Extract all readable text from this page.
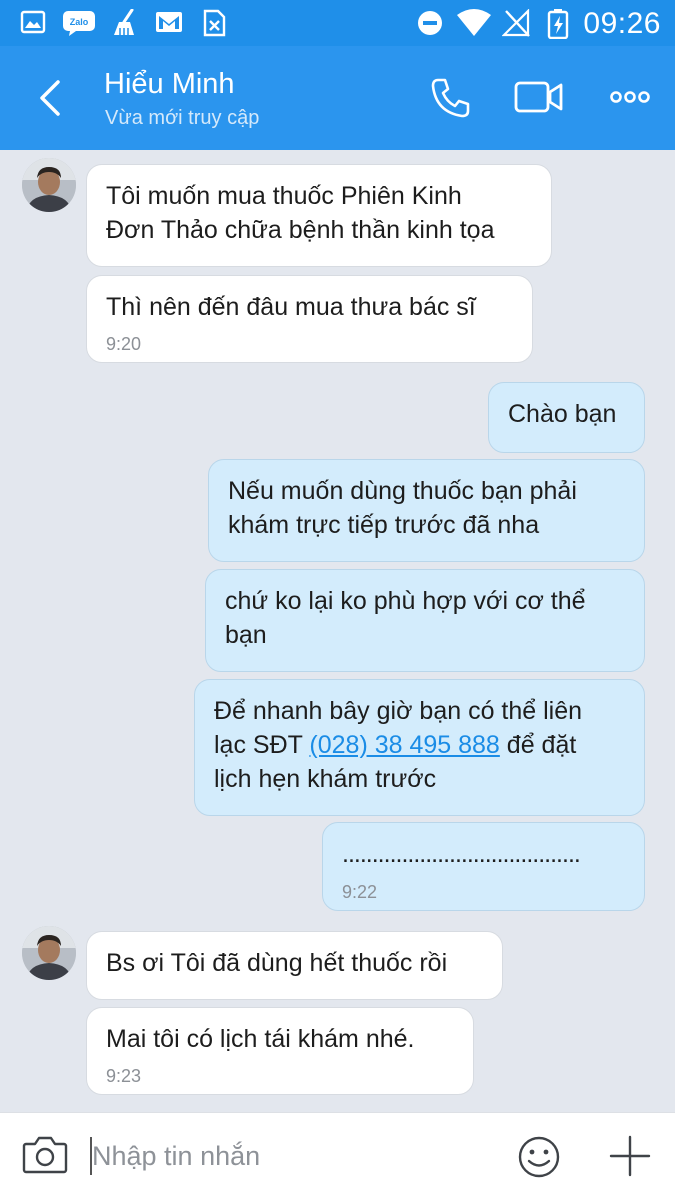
Zalo	09:26
Hiểu Minh
Vừa mới truy cập
Tôi muốn mua thuốc Phiên Kinh
Đơn Thảo chữa bệnh thần kinh tọa
Thì nên đến đâu mua thưa bác sĩ
9:20
Chào bạn
Nếu muốn dùng thuốc bạn phải
khám trực tiếp trước đã nha
chứ ko lại ko phù hợp với cơ thể
bạn
Để nhanh bây giờ bạn có thể liên
lạc SĐT (028) 38 495 888 để đặt
lịch hẹn khám trước
........................................
9:22
Bs ơi Tôi đã dùng hết thuốc rồi
Mai tôi có lịch tái khám nhé.
9:23
Nhập tin nhắn
